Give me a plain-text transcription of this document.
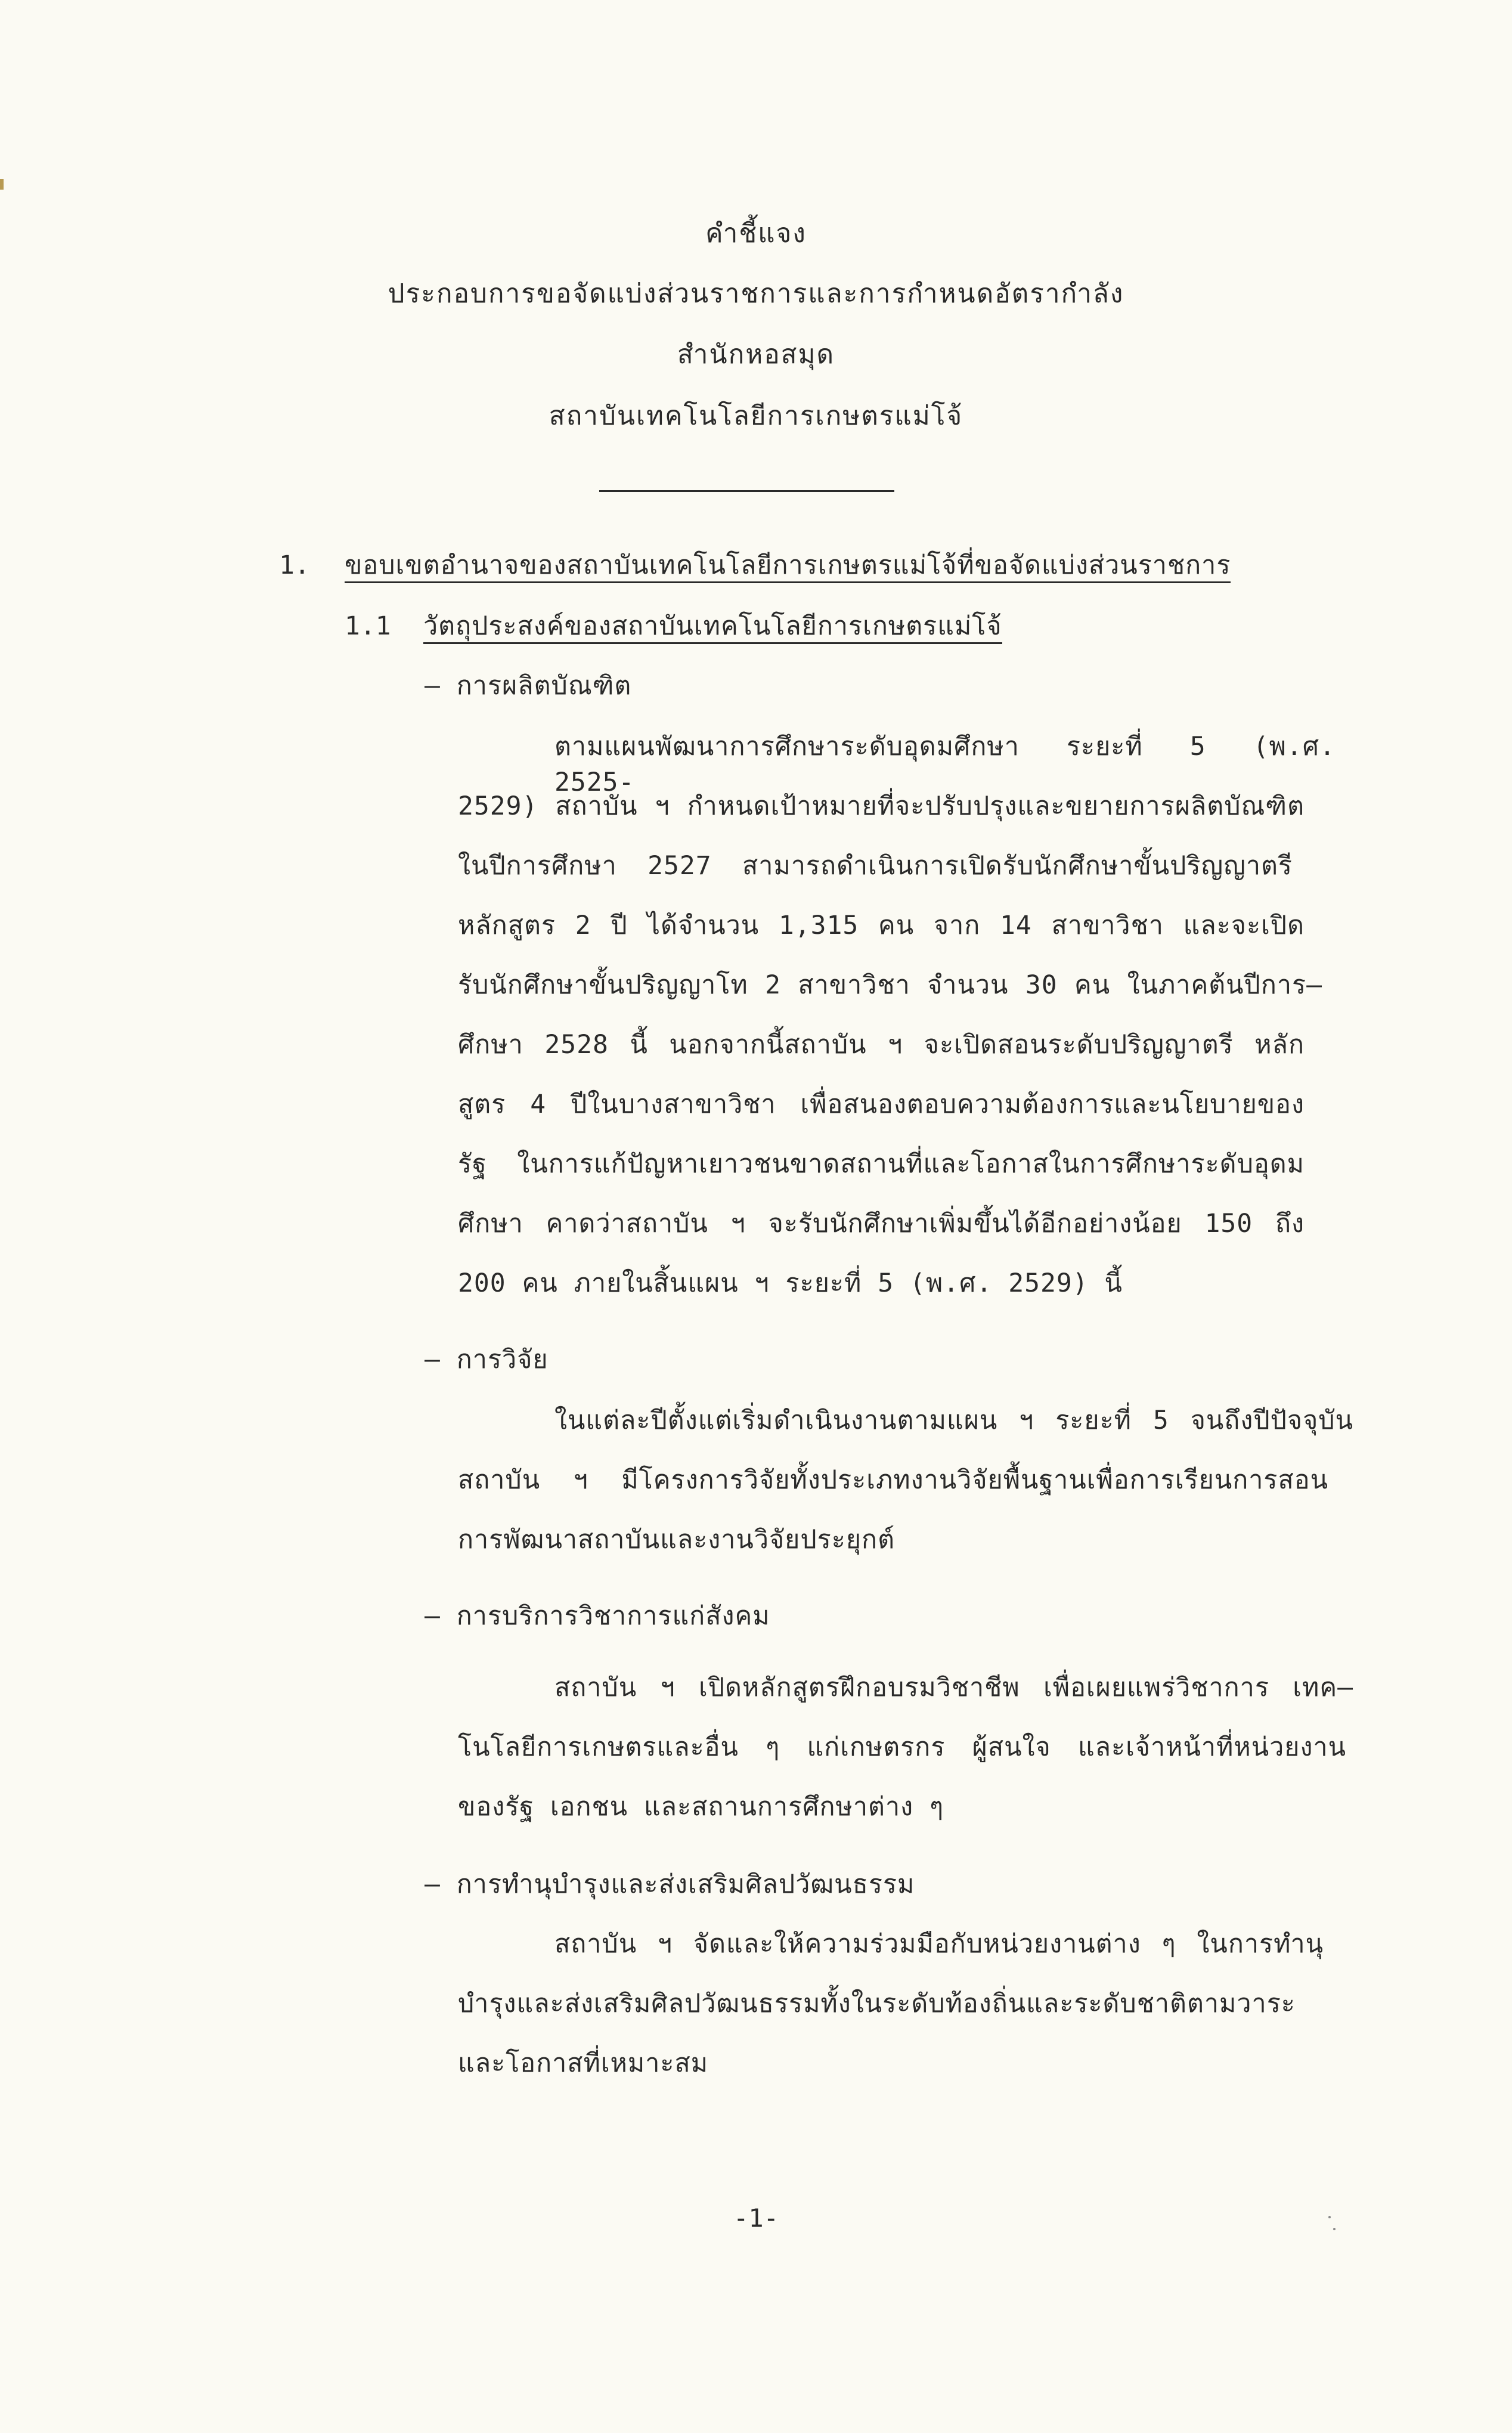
คำชี้แจง
ประกอบการขอจัดแบ่งส่วนราชการและการกำหนดอัตรากำลัง
สำนักหอสมุด
สถาบันเทคโนโลยีการเกษตรแม่โจ้
1. ขอบเขตอำนาจของสถาบันเทคโนโลยีการเกษตรแม่โจ้ที่ขอจัดแบ่งส่วนราชการ
1.1 วัตถุประสงค์ของสถาบันเทคโนโลยีการเกษตรแม่โจ้
– การผลิตบัณฑิต
ตามแผนพัฒนาการศึกษาระดับอุดมศึกษา ระยะที่ 5 (พ.ศ. 2525-
2529) สถาบัน ฯ กำหนดเป้าหมายที่จะปรับปรุงและขยายการผลิตบัณฑิต
ในปีการศึกษา 2527 สามารถดำเนินการเปิดรับนักศึกษาขั้นปริญญาตรี
หลักสูตร 2 ปี ได้จำนวน 1,315 คน จาก 14 สาขาวิชา และจะเปิด
รับนักศึกษาขั้นปริญญาโท 2 สาขาวิชา จำนวน 30 คน ในภาคต้นปีการ–
ศึกษา 2528 นี้ นอกจากนี้สถาบัน ฯ จะเปิดสอนระดับปริญญาตรี หลัก
สูตร 4 ปีในบางสาขาวิชา เพื่อสนองตอบความต้องการและนโยบายของ
รัฐ ในการแก้ปัญหาเยาวชนขาดสถานที่และโอกาสในการศึกษาระดับอุดม
ศึกษา คาดว่าสถาบัน ฯ จะรับนักศึกษาเพิ่มขึ้นได้อีกอย่างน้อย 150 ถึง
200 คน ภายในสิ้นแผน ฯ ระยะที่ 5 (พ.ศ. 2529) นี้
– การวิจัย
ในแต่ละปีตั้งแต่เริ่มดำเนินงานตามแผน ฯ ระยะที่ 5 จนถึงปีปัจจุบัน
สถาบัน ฯ มีโครงการวิจัยทั้งประเภทงานวิจัยพื้นฐานเพื่อการเรียนการสอน
การพัฒนาสถาบันและงานวิจัยประยุกต์
– การบริการวิชาการแก่สังคม
สถาบัน ฯ เปิดหลักสูตรฝึกอบรมวิชาชีพ เพื่อเผยแพร่วิชาการ เทค–
โนโลยีการเกษตรและอื่น ๆ แก่เกษตรกร ผู้สนใจ และเจ้าหน้าที่หน่วยงาน
ของรัฐ เอกชน และสถานการศึกษาต่าง ๆ
– การทำนุบำรุงและส่งเสริมศิลปวัฒนธรรม
สถาบัน ฯ จัดและให้ความร่วมมือกับหน่วยงานต่าง ๆ ในการทำนุ
บำรุงและส่งเสริมศิลปวัฒนธรรมทั้งในระดับท้องถิ่นและระดับชาติตามวาระ
และโอกาสที่เหมาะสม
-1-
